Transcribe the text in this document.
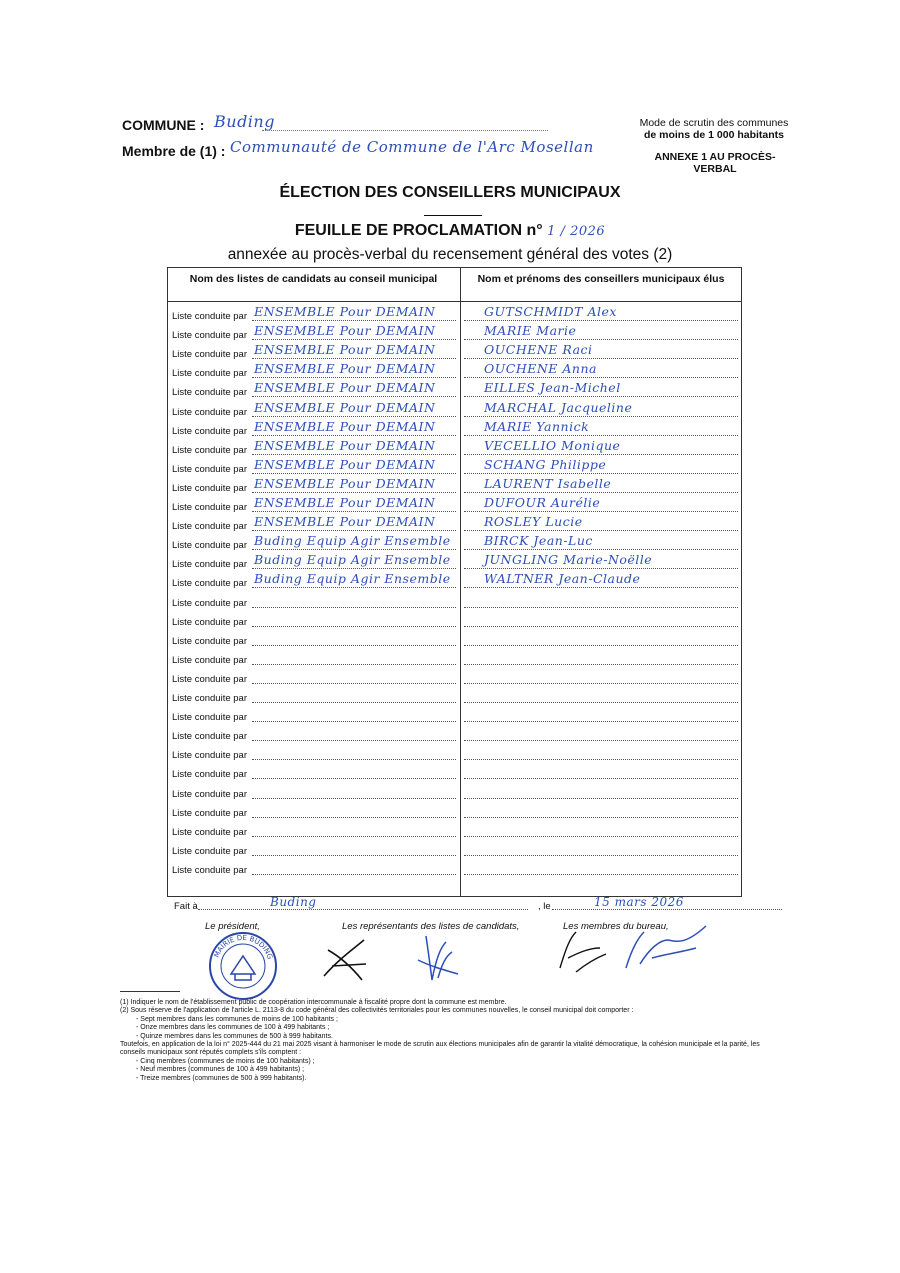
COMMUNE : Buding
Membre de (1) : Communauté de Commune de l'Arc Mosellan
Mode de scrutin des communes
de moins de 1 000 habitants
ANNEXE 1 AU PROCÈS-VERBAL
ÉLECTION DES CONSEILLERS MUNICIPAUX
FEUILLE DE PROCLAMATION n° 1 / 2026
annexée au procès-verbal du recensement général des votes (2)
Nom des listes de candidats au conseil municipal	Nom et prénoms des conseillers municipaux élus
Liste conduite par ENSEMBLE Pour DEMAIN	GUTSCHMIDT Alex
Liste conduite par ENSEMBLE Pour DEMAIN	MARIE Marie
Liste conduite par ENSEMBLE Pour DEMAIN	OUCHENE Raci
Liste conduite par ENSEMBLE Pour DEMAIN	OUCHENE Anna
Liste conduite par ENSEMBLE Pour DEMAIN	EILLES Jean-Michel
Liste conduite par ENSEMBLE Pour DEMAIN	MARCHAL Jacqueline
Liste conduite par ENSEMBLE Pour DEMAIN	MARIE Yannick
Liste conduite par ENSEMBLE Pour DEMAIN	VECELLIO Monique
Liste conduite par ENSEMBLE Pour DEMAIN	SCHANG Philippe
Liste conduite par ENSEMBLE Pour DEMAIN	LAURENT Isabelle
Liste conduite par ENSEMBLE Pour DEMAIN	DUFOUR Aurélie
Liste conduite par ENSEMBLE Pour DEMAIN	ROSLEY Lucie
Liste conduite par Buding Equip Agir Ensemble	BIRCK Jean-Luc
Liste conduite par Buding Equip Agir Ensemble	JUNGLING Marie-Noëlle
Liste conduite par Buding Equip Agir Ensemble	WALTNER Jean-Claude
Liste conduite par
Liste conduite par
Liste conduite par
Liste conduite par
Liste conduite par
Liste conduite par
Liste conduite par
Liste conduite par
Liste conduite par
Liste conduite par
Liste conduite par
Liste conduite par
Liste conduite par
Liste conduite par
Liste conduite par
Fait à	Buding	, le	15 mars 2026
Le président,	Les représentants des listes de candidats,	Les membres du bureau,
MAIRIE DE BUDING

(1) Indiquer le nom de l'établissement public de coopération intercommunale à fiscalité propre dont la commune est membre.

(2) Sous réserve de l'application de l'article L. 2113-8 du code général des collectivités territoriales pour les communes nouvelles, le conseil municipal doit comporter :

- Sept membres dans les communes de moins de 100 habitants ;

- Onze membres dans les communes de 100 à 499 habitants ;

- Quinze membres dans les communes de 500 à 999 habitants.

Toutefois, en application de la loi n° 2025-444 du 21 mai 2025 visant à harmoniser le mode de scrutin aux élections municipales afin de garantir la vitalité démocratique, la cohésion municipale et la parité, les conseils municipaux sont réputés complets s'ils comptent :

- Cinq membres (communes de moins de 100 habitants) ;

- Neuf membres (communes de 100 à 499 habitants) ;

- Treize membres (communes de 500 à 999 habitants).
